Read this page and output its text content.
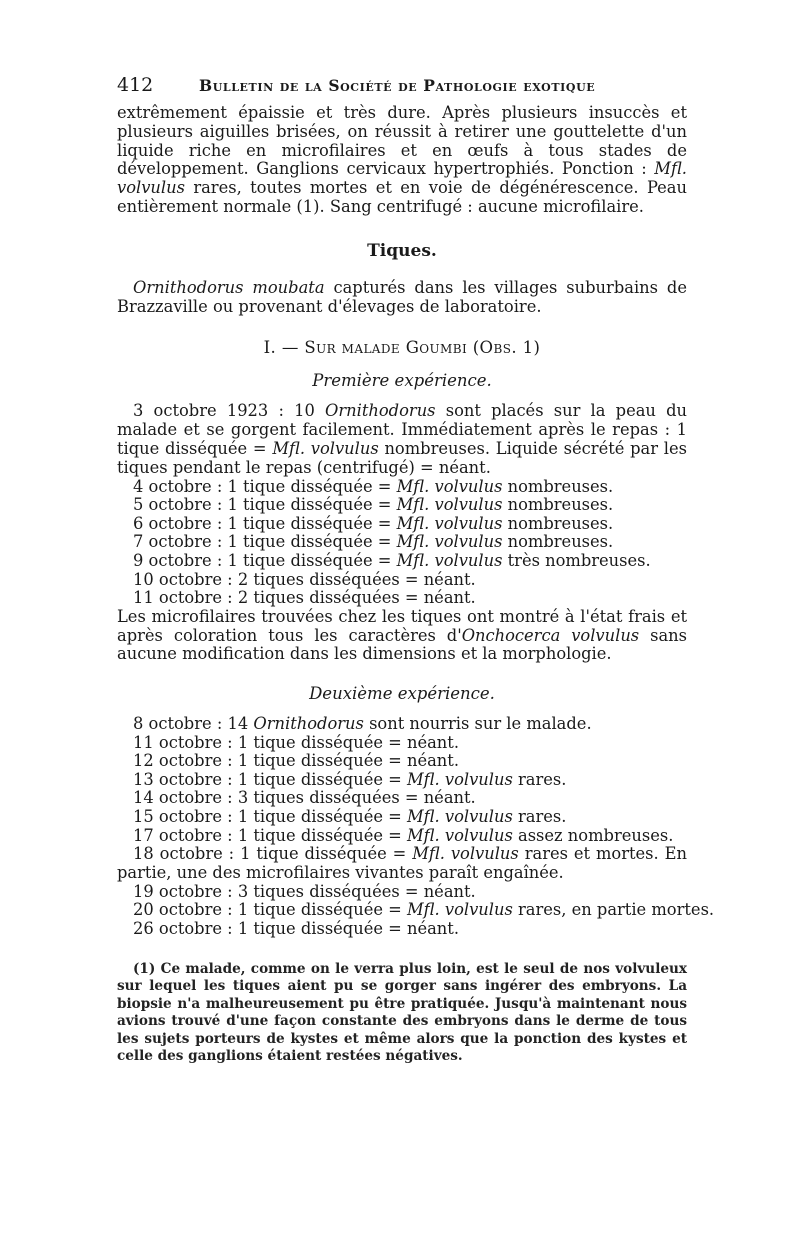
412	Bulletin de la Société de Pathologie exotique

extrêmement épaissie et très dure. Après plusieurs insuccès et plusieurs aiguilles brisées, on réussit à retirer une gouttelette d'un liquide riche en microfilaires et en œufs à tous stades de développement. Ganglions cervicaux hypertrophiés. Ponction : Mfl. volvulus rares, toutes mortes et en voie de dégénérescence. Peau entièrement normale (1). Sang centrifugé : aucune microfilaire.

Tiques.

Ornithodorus moubata capturés dans les villages suburbains de Brazzaville ou provenant d'élevages de laboratoire.

I. — Sur malade Goumbi (Obs. 1)
Première expérience.

3 octobre 1923 : 10 Ornithodorus sont placés sur la peau du malade et se gorgent facilement. Immédiatement après le repas : 1 tique disséquée = Mfl. volvulus nombreuses. Liquide sécrété par les tiques pendant le repas (centrifugé) = néant.

4 octobre : 1 tique disséquée = Mfl. volvulus nombreuses.

5 octobre : 1 tique disséquée = Mfl. volvulus nombreuses.

6 octobre : 1 tique disséquée = Mfl. volvulus nombreuses.

7 octobre : 1 tique disséquée = Mfl. volvulus nombreuses.

9 octobre : 1 tique disséquée = Mfl. volvulus très nombreuses.

10 octobre : 2 tiques disséquées = néant.

11 octobre : 2 tiques disséquées = néant.

Les microfilaires trouvées chez les tiques ont montré à l'état frais et après coloration tous les caractères d'Onchocerca volvulus sans aucune modification dans les dimensions et la morphologie.

Deuxième expérience.

8 octobre : 14 Ornithodorus sont nourris sur le malade.

11 octobre : 1 tique disséquée = néant.

12 octobre : 1 tique disséquée = néant.

13 octobre : 1 tique disséquée = Mfl. volvulus rares.

14 octobre : 3 tiques disséquées = néant.

15 octobre : 1 tique disséquée = Mfl. volvulus rares.

17 octobre : 1 tique disséquée = Mfl. volvulus assez nombreuses.

18 octobre : 1 tique disséquée = Mfl. volvulus rares et mortes. En partie, une des microfilaires vivantes paraît engaînée.

19 octobre : 3 tiques disséquées = néant.

20 octobre : 1 tique disséquée = Mfl. volvulus rares, en partie mortes.

26 octobre : 1 tique disséquée = néant.

(1) Ce malade, comme on le verra plus loin, est le seul de nos volvuleux sur lequel les tiques aient pu se gorger sans ingérer des embryons. La biopsie n'a malheureusement pu être pratiquée. Jusqu'à maintenant nous avions trouvé d'une façon constante des embryons dans le derme de tous les sujets porteurs de kystes et même alors que la ponction des kystes et celle des ganglions étaient restées négatives.
